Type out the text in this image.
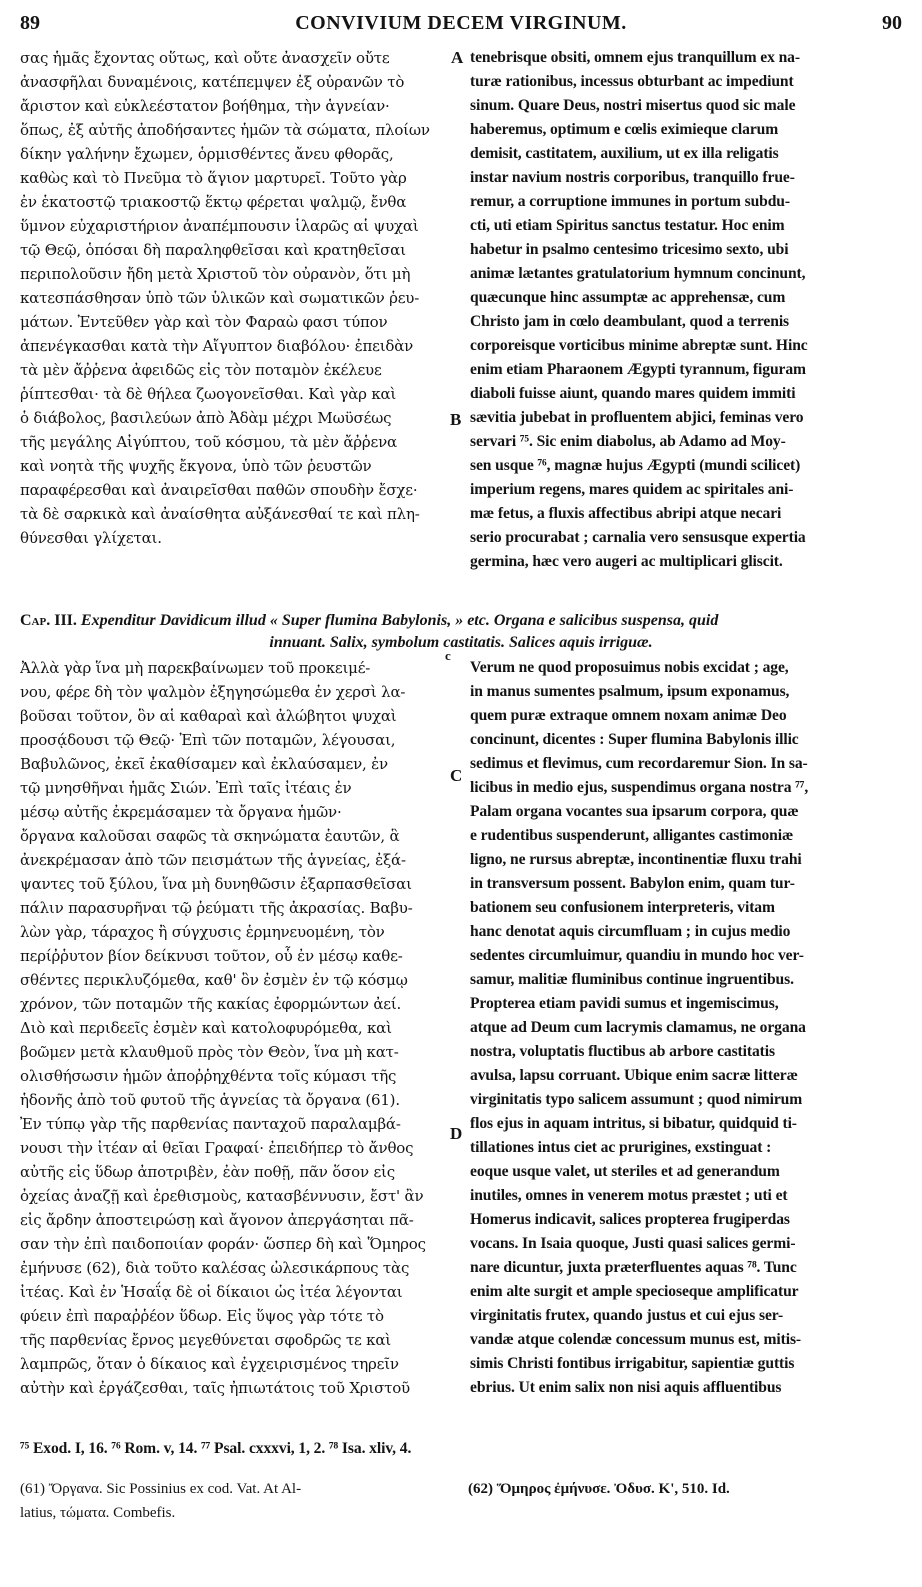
89	CONVIVIUM DECEM VIRGINUM.	90
σας ἡμᾶς ἔχοντας οὕτως, καὶ οὔτε ἀνασχεῖν οὔτε
ἀνασφῆλαι δυναμένοις, κατέπεμψεν ἐξ οὐρανῶν τὸ
ἄριστον καὶ εὐκλεέστατον βοήθημα, τὴν ἁγνείαν·
ὅπως, ἐξ αὐτῆς ἀποδήσαντες ἡμῶν τὰ σώματα, πλοίων
δίκην γαλήνην ἔχωμεν, ὁρμισθέντες ἄνευ φθορᾶς,
καθὼς καὶ τὸ Πνεῦμα τὸ ἅγιον μαρτυρεῖ. Τοῦτο γὰρ
ἐν ἑκατοστῷ τριακοστῷ ἕκτῳ φέρεται ψαλμῷ, ἔνθα
ὕμνον εὐχαριστήριον ἀναπέμπουσιν ἱλαρῶς αἱ ψυχαὶ
τῷ Θεῷ, ὁπόσαι δὴ παραληφθεῖσαι καὶ κρατηθεῖσαι
περιπολοῦσιν ἤδη μετὰ Χριστοῦ τὸν οὐρανὸν, ὅτι μὴ
κατεσπάσθησαν ὑπὸ τῶν ὑλικῶν καὶ σωματικῶν ῥευ-
μάτων. Ἐντεῦθεν γὰρ καὶ τὸν Φαραὼ φασι τύπον
ἀπενέγκασθαι κατὰ τὴν Αἴγυπτον διαβόλου· ἐπειδὰν
τὰ μὲν ἄῤῥενα ἀφειδῶς εἰς τὸν ποταμὸν ἐκέλευε
ῥίπτεσθαι· τὰ δὲ θήλεα ζωογονεῖσθαι. Καὶ γὰρ καὶ
ὁ διάβολος, βασιλεύων ἀπὸ Ἀδὰμ μέχρι Μωϋσέως
τῆς μεγάλης Αἰγύπτου, τοῦ κόσμου, τὰ μὲν ἄῤῥενα
καὶ νοητὰ τῆς ψυχῆς ἔκγονα, ὑπὸ τῶν ῥευστῶν
παραφέρεσθαι καὶ ἀναιρεῖσθαι παθῶν σπουδὴν ἔσχε·
τὰ δὲ σαρκικὰ καὶ ἀναίσθητα αὐξάνεσθαί τε καὶ πλη-
θύνεσθαι γλίχεται.
tenebrisque obsiti, omnem ejus tranquillum ex na-
turæ rationibus, incessus obturbant ac impediunt
sinum. Quare Deus, nostri misertus quod sic male
haberemus, optimum e cœlis eximieque clarum
demisit, castitatem, auxilium, ut ex illa religatis
instar navium nostris corporibus, tranquillo frue-
remur, a corruptione immunes in portum subdu-
cti, uti etiam Spiritus sanctus testatur. Hoc enim
habetur in psalmo centesimo tricesimo sexto, ubi
animæ lætantes gratulatorium hymnum concinunt,
quæcunque hinc assumptæ ac apprehensæ, cum
Christo jam in cœlo deambulant, quod a terrenis
corporeisque vorticibus minime abreptæ sunt. Hinc
enim etiam Pharaonem Ægypti tyrannum, figuram
diaboli fuisse aiunt, quando mares quidem immiti
sævitia jubebat in profluentem abjici, feminas vero
servari ⁷⁵. Sic enim diabolus, ab Adamo ad Moy-
sen usque ⁷⁶, magnæ hujus Ægypti (mundi scilicet)
imperium regens, mares quidem ac spiritales ani-
mæ fetus, a fluxis affectibus abripi atque necari
serio procurabat ; carnalia vero sensusque expertia
germina, hæc vero augeri ac multiplicari gliscit.
A
B
Cap. III. Expenditur Davidicum illud « Super flumina Babylonis, » etc. Organa e salicibus suspensa, quid
innuant. Salix, symbolum castitatis. Salices aquis irriguæ.
Ἀλλὰ γὰρ ἵνα μὴ παρεκβαίνωμεν τοῦ προκειμέ-
νου, φέρε δὴ τὸν ψαλμὸν ἐξηγησώμεθα ἐν χερσὶ λα-
βοῦσαι τοῦτον, ὃν αἱ καθαραὶ καὶ ἀλώβητοι ψυχαὶ
προσᾴδουσι τῷ Θεῷ· Ἐπὶ τῶν ποταμῶν, λέγουσαι,
Βαβυλῶνος, ἐκεῖ ἐκαθίσαμεν καὶ ἐκλαύσαμεν, ἐν
τῷ μνησθῆναι ἡμᾶς Σιών. Ἐπὶ ταῖς ἰτέαις ἐν
μέσῳ αὐτῆς ἐκρεμάσαμεν τὰ ὄργανα ἡμῶν·
ὄργανα καλοῦσαι σαφῶς τὰ σκηνώματα ἑαυτῶν, ἃ
ἀνεκρέμασαν ἀπὸ τῶν πεισμάτων τῆς ἁγνείας, ἐξά-
ψαντες τοῦ ξύλου, ἵνα μὴ δυνηθῶσιν ἐξαρπασθεῖσαι
πάλιν παρασυρῆναι τῷ ῥεύματι τῆς ἀκρασίας. Βαβυ-
λὼν γὰρ, τάραχος ἢ σύγχυσις ἑρμηνευομένη, τὸν
περίῤῥυτον βίον δείκνυσι τοῦτον, οὗ ἐν μέσῳ καθε-
σθέντες περικλυζόμεθα, καθ' ὃν ἐσμὲν ἐν τῷ κόσμῳ
χρόνον, τῶν ποταμῶν τῆς κακίας ἐφορμώντων ἀεί.
Διὸ καὶ περιδεεῖς ἐσμὲν καὶ κατολοφυρόμεθα, καὶ
βοῶμεν μετὰ κλαυθμοῦ πρὸς τὸν Θεὸν, ἵνα μὴ κατ-
ολισθήσωσιν ἡμῶν ἀποῤῥηχθέντα τοῖς κύμασι τῆς
ἡδονῆς ἀπὸ τοῦ φυτοῦ τῆς ἁγνείας τὰ ὄργανα (61).
Ἐν τύπῳ γὰρ τῆς παρθενίας πανταχοῦ παραλαμβά-
νουσι τὴν ἰτέαν αἱ θεῖαι Γραφαί· ἐπειδήπερ τὸ ἄνθος
αὐτῆς εἰς ὕδωρ ἀποτριβὲν, ἐὰν ποθῇ, πᾶν ὅσον εἰς
ὀχείας ἀναζῇ καὶ ἐρεθισμοὺς, κατασβέννυσιν, ἔστ' ἂν
εἰς ἄρδην ἀποστειρώσῃ καὶ ἄγονον ἀπεργάσηται πᾶ-
σαν τὴν ἐπὶ παιδοποιίαν φοράν· ὥσπερ δὴ καὶ Ὅμηρος
ἐμήνυσε (62), διὰ τοῦτο καλέσας ὠλεσικάρπους τὰς
ἰτέας. Καὶ ἐν Ἡσαΐᾳ δὲ οἱ δίκαιοι ὡς ἰτέα λέγονται
φύειν ἐπὶ παραῤῥέον ὕδωρ. Εἰς ὕψος γὰρ τότε τὸ
τῆς παρθενίας ἔρνος μεγεθύνεται σφοδρῶς τε καὶ
λαμπρῶς, ὅταν ὁ δίκαιος καὶ ἐγχειρισμένος τηρεῖν
αὐτὴν καὶ ἐργάζεσθαι, ταῖς ἠπιωτάτοις τοῦ Χριστοῦ
Verum ne quod proposuimus nobis excidat ; age,
in manus sumentes psalmum, ipsum exponamus,
quem puræ extraque omnem noxam animæ Deo
concinunt, dicentes : Super flumina Babylonis illic
sedimus et flevimus, cum recordaremur Sion. In sa-
licibus in medio ejus, suspendimus organa nostra ⁷⁷,
Palam organa vocantes sua ipsarum corpora, quæ
e rudentibus suspenderunt, alligantes castimoniæ
ligno, ne rursus abreptæ, incontinentiæ fluxu trahi
in transversum possent. Babylon enim, quam tur-
bationem seu confusionem interpreteris, vitam
hanc denotat aquis circumfluam ; in cujus medio
sedentes circumluimur, quandiu in mundo hoc ver-
samur, malitiæ fluminibus continue ingruentibus.
Propterea etiam pavidi sumus et ingemiscimus,
atque ad Deum cum lacrymis clamamus, ne organa
nostra, voluptatis fluctibus ab arbore castitatis
avulsa, lapsu corruant. Ubique enim sacræ litteræ
virginitatis typo salicem assumunt ; quod nimirum
flos ejus in aquam intritus, si bibatur, quidquid ti-
tillationes intus ciet ac prurigines, exstinguat :
eoque usque valet, ut steriles et ad generandum
inutiles, omnes in venerem motus præstet ; uti et
Homerus indicavit, salices propterea frugiperdas
vocans. In Isaia quoque, Justi quasi salices germi-
nare dicuntur, juxta præterfluentes aquas ⁷⁸. Tunc
enim alte surgit et ample specioseque amplificatur
virginitatis frutex, quando justus et cui ejus ser-
vandæ atque colendæ concessum munus est, mitis-
simis Christi fontibus irrigabitur, sapientiæ guttis
ebrius. Ut enim salix non nisi aquis affluentibus
c
C
D
⁷⁵ Exod. I, 16. ⁷⁶ Rom. v, 14. ⁷⁷ Psal. cxxxvi, 1, 2. ⁷⁸ Isa. xliv, 4.
(61) Ὄργανα. Sic Possinius ex cod. Vat. At Al-
latius, τώματα. Combefis.
(62) Ὅμηρος ἐμήνυσε. Ὀδυσ. Κ', 510. Id.
